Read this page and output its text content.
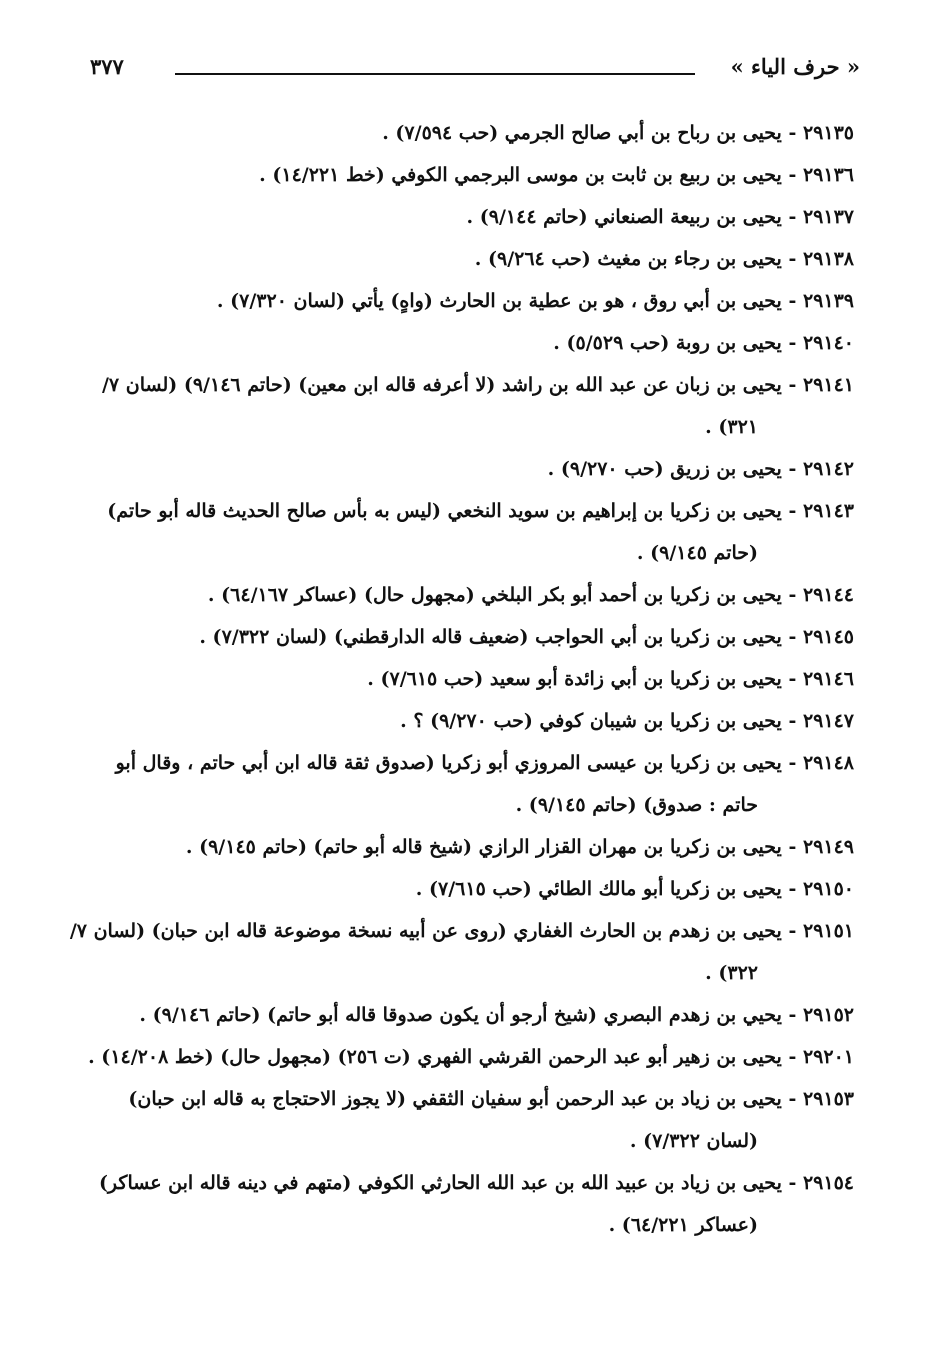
« حرف الياء »
٣٧٧
٢٩١٣٥ - يحيى بن رباح بن أبي صالح الجرمي (حب ٧/٥٩٤) .
٢٩١٣٦ - يحيى بن ربيع بن ثابت بن موسى البرجمي الكوفي (خط ١٤/٢٢١) .
٢٩١٣٧ - يحيى بن ربيعة الصنعاني (حاتم ٩/١٤٤) .
٢٩١٣٨ - يحيى بن رجاء بن مغيث (حب ٩/٢٦٤) .
٢٩١٣٩ - يحيى بن أبي روق ، هو بن عطية بن الحارث (واهٍ) يأتي (لسان ٧/٣٢٠) .
٢٩١٤٠ - يحيى بن روبة (حب ٥/٥٢٩) .
٢٩١٤١ - يحيى بن زبان عن عبد الله بن راشد (لا أعرفه قاله ابن معين) (حاتم ٩/١٤٦) (لسان ٧/
٣٢١) .
٢٩١٤٢ - يحيى بن زريق (حب ٩/٢٧٠) .
٢٩١٤٣ - يحيى بن زكريا بن إبراهيم بن سويد النخعي (ليس به بأس صالح الحديث قاله أبو حاتم)
(حاتم ٩/١٤٥) .
٢٩١٤٤ - يحيى بن زكريا بن أحمد أبو بكر البلخي (مجهول حال) (عساكر ٦٤/١٦٧) .
٢٩١٤٥ - يحيى بن زكريا بن أبي الحواجب (ضعيف قاله الدارقطني) (لسان ٧/٣٢٢) .
٢٩١٤٦ - يحيى بن زكريا بن أبي زائدة أبو سعيد (حب ٧/٦١٥) .
٢٩١٤٧ - يحيى بن زكريا بن شيبان كوفي (حب ٩/٢٧٠) ؟ .
٢٩١٤٨ - يحيى بن زكريا بن عيسى المروزي أبو زكريا (صدوق ثقة قاله ابن أبي حاتم ، وقال أبو
حاتم : صدوق) (حاتم ٩/١٤٥) .
٢٩١٤٩ - يحيى بن زكريا بن مهران القزار الرازي (شيخ قاله أبو حاتم) (حاتم ٩/١٤٥) .
٢٩١٥٠ - يحيى بن زكريا أبو مالك الطائي (حب ٧/٦١٥) .
٢٩١٥١ - يحيى بن زهدم بن الحارث الغفاري (روى عن أبيه نسخة موضوعة قاله ابن حبان) (لسان ٧/
٣٢٢) .
٢٩١٥٢ - يحيي بن زهدم البصري (شيخ أرجو أن يكون صدوقا قاله أبو حاتم) (حاتم ٩/١٤٦) .
٢٩٢٠١ - يحيى بن زهير أبو عبد الرحمن القرشي الفهري (ت ٢٥٦) (مجهول حال) (خط ١٤/٢٠٨) .
٢٩١٥٣ - يحيى بن زياد بن عبد الرحمن أبو سفيان الثقفي (لا يجوز الاحتجاج به قاله ابن حبان)
(لسان ٧/٣٢٢) .
٢٩١٥٤ - يحيى بن زياد بن عبيد الله بن عبد الله الحارثي الكوفي (متهم في دينه قاله ابن عساكر)
(عساكر ٦٤/٢٢١) .
